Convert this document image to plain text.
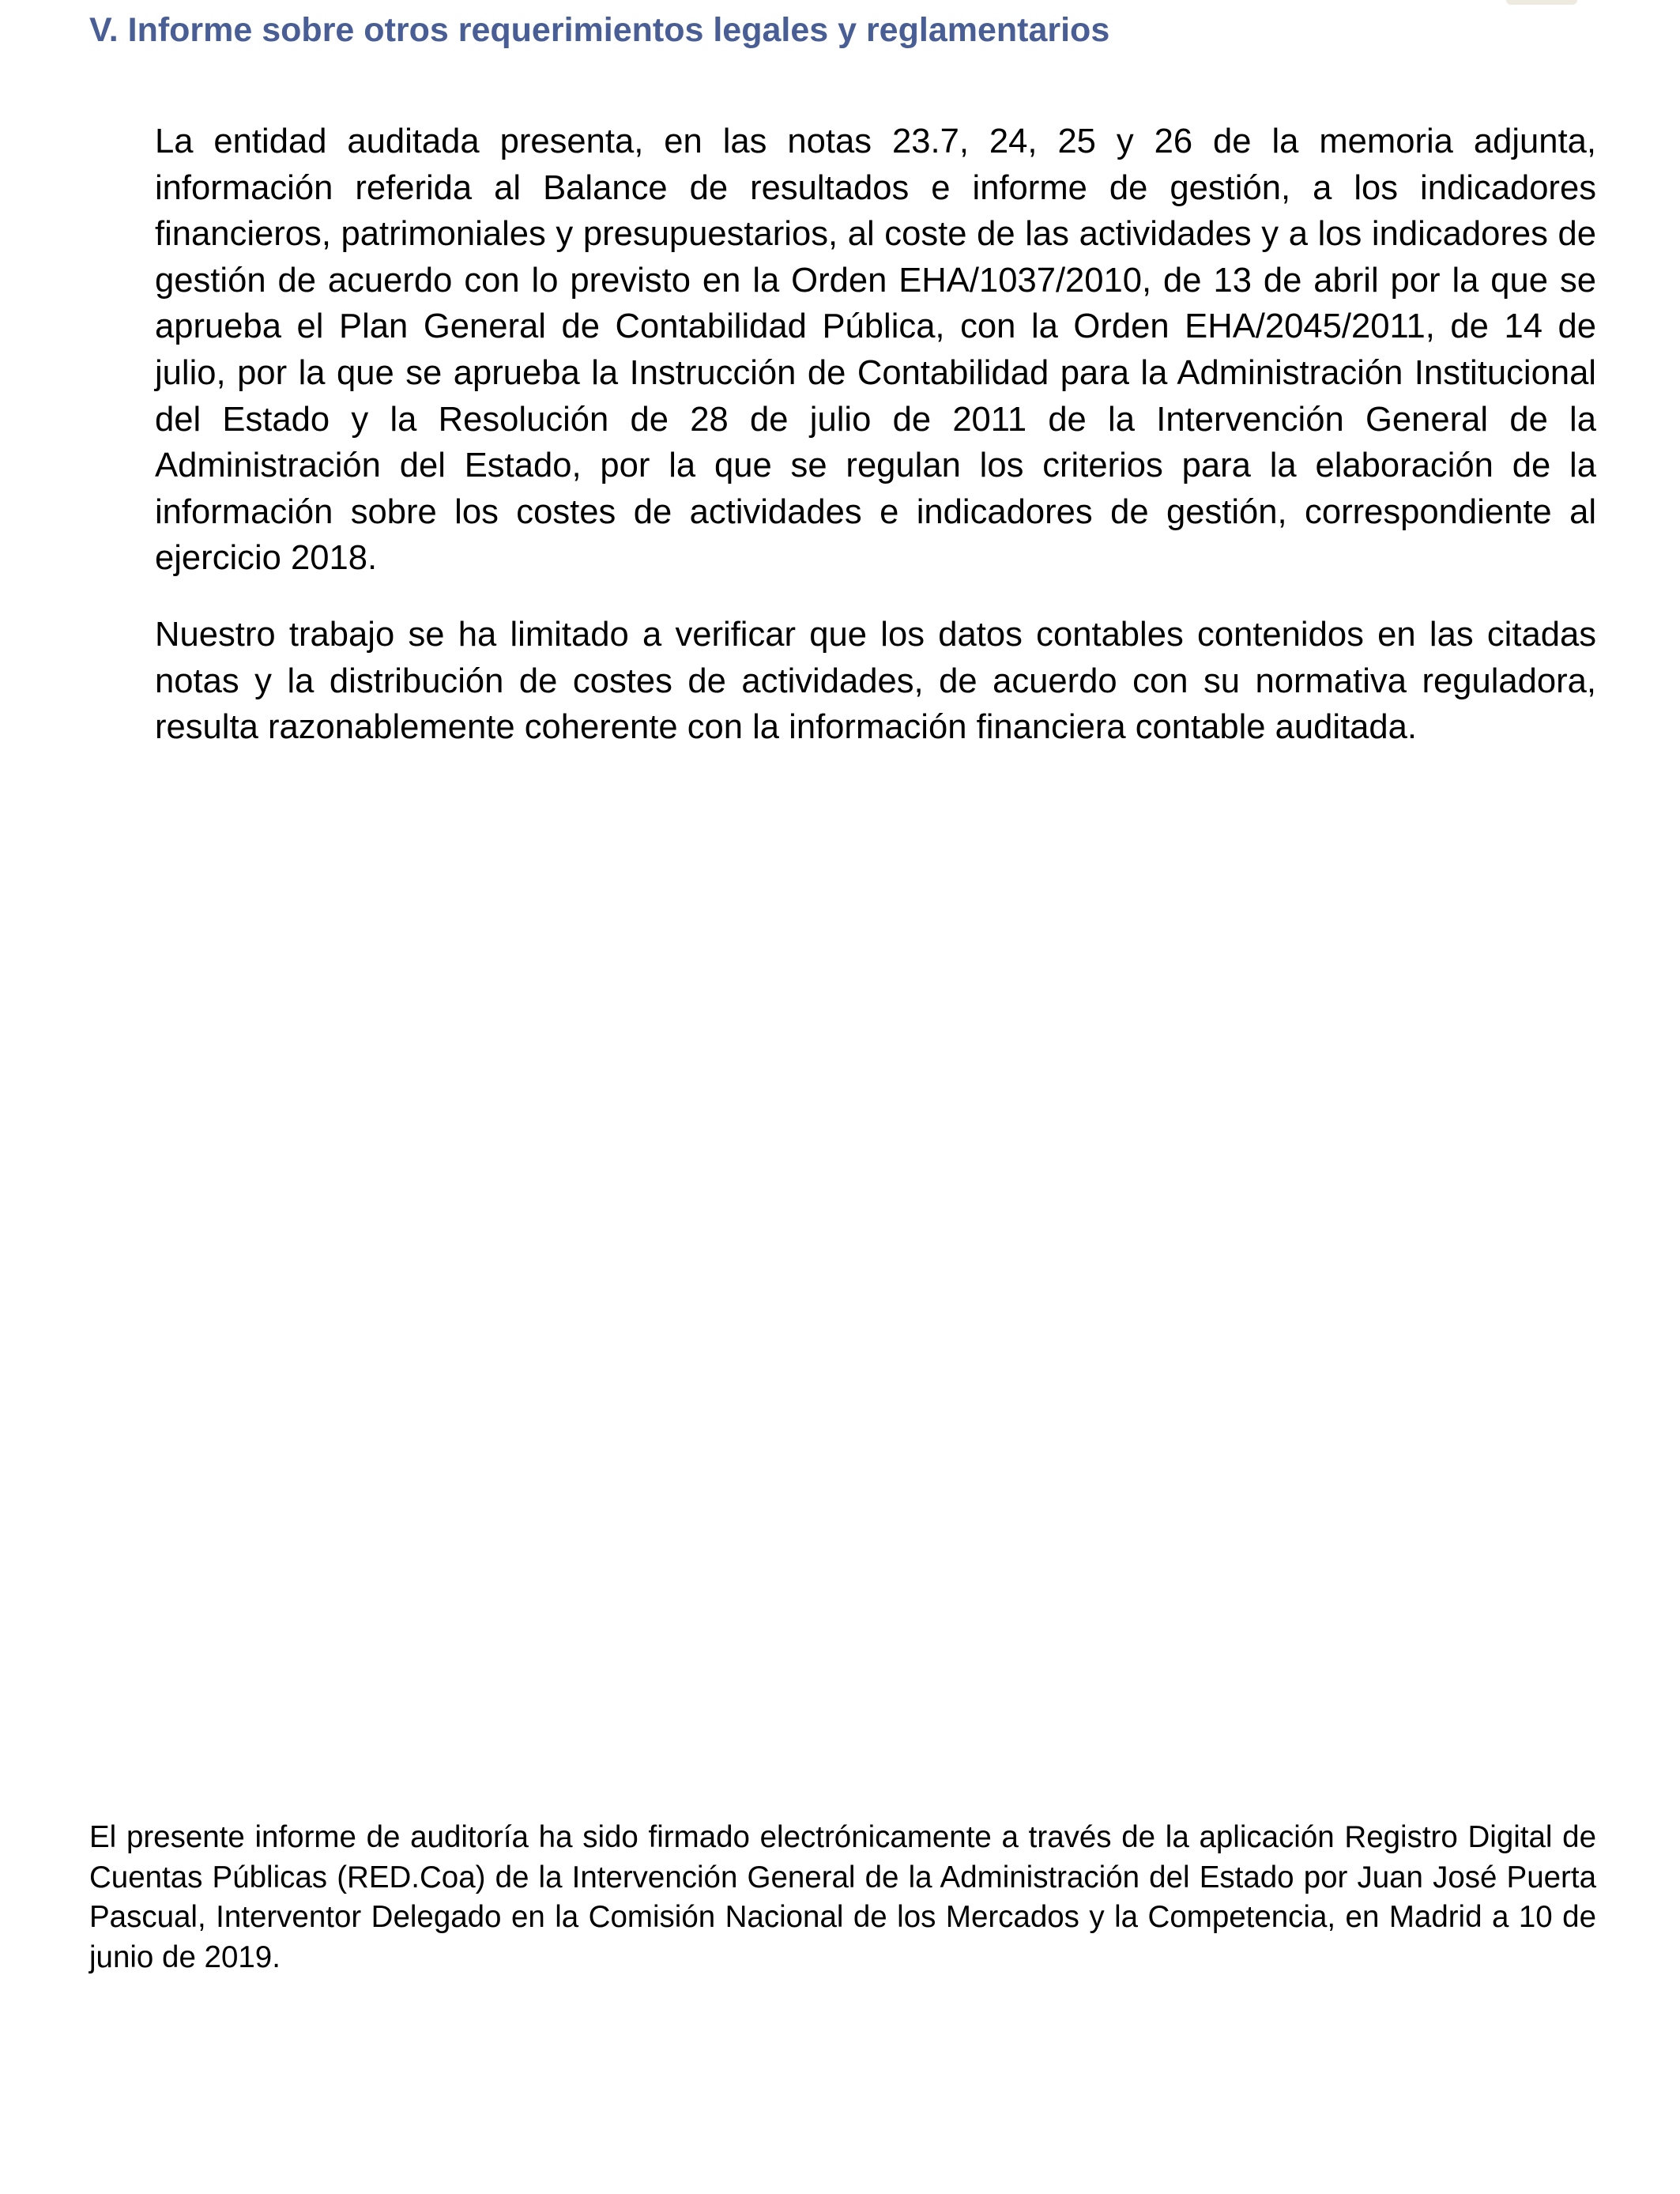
V. Informe sobre otros requerimientos legales y reglamentarios

La entidad auditada presenta, en las notas 23.7, 24, 25 y 26 de la memoria adjunta, información referida al Balance de resultados e informe de gestión, a los indicadores financieros, patrimoniales y presupuestarios, al coste de las actividades y a los indicadores de gestión de acuerdo con lo previsto en la Orden EHA/1037/2010, de 13 de abril por la que se aprueba el Plan General de Contabilidad Pública, con la Orden EHA/2045/2011, de 14 de julio, por la que se aprueba la Instrucción de Contabilidad para la Administración Institucional del Estado y la Resolución de 28 de julio de 2011 de la Intervención General de la Administración del Estado, por la que se regulan los criterios para la elaboración de la información sobre los costes de actividades e indicadores de gestión, correspondiente al ejercicio 2018.

Nuestro trabajo se ha limitado a verificar que los datos contables contenidos en las citadas notas y la distribución de costes de actividades, de acuerdo con su normativa reguladora, resulta razonablemente coherente con la información financiera contable auditada.

El presente informe de auditoría ha sido firmado electrónicamente a través de la aplicación Registro Digital de Cuentas Públicas (RED.Coa) de la Intervención General de la Administración del Estado por Juan José Puerta Pascual, Interventor Delegado en la Comisión Nacional de los Mercados y la Competencia, en Madrid a 10 de junio de 2019.
